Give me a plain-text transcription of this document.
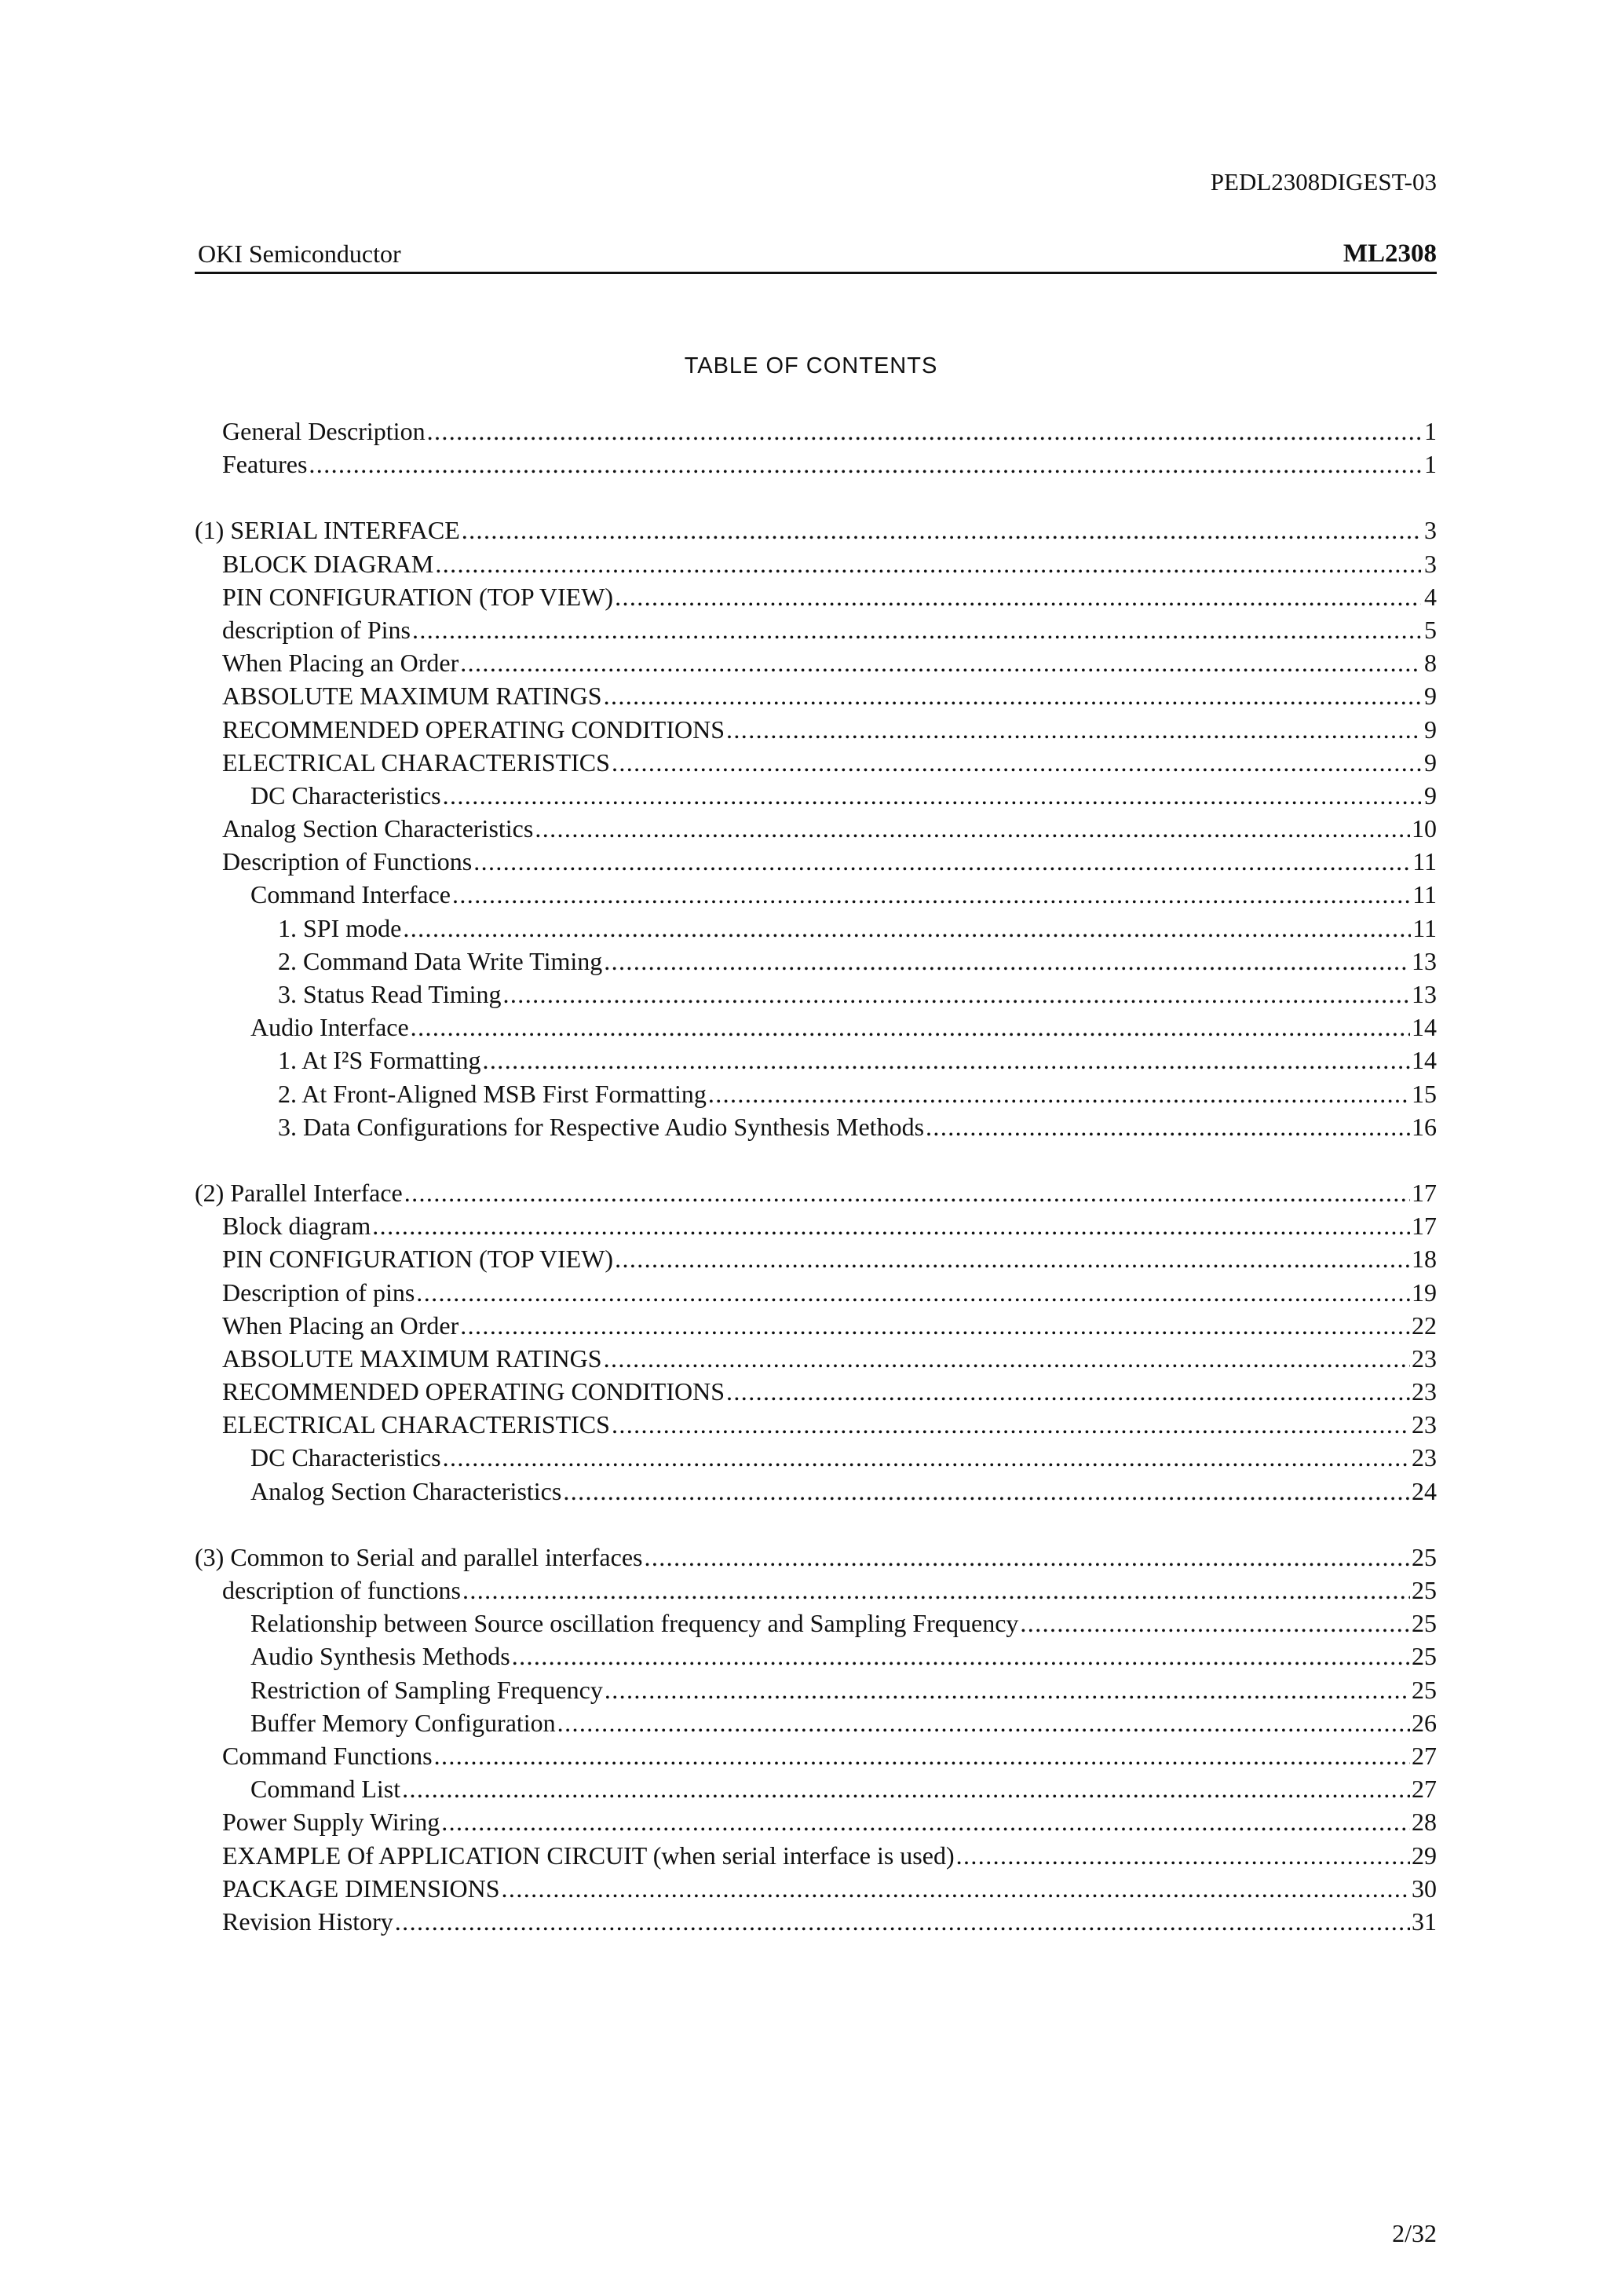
PEDL2308DIGEST-03
OKI Semiconductor	ML2308
TABLE OF CONTENTS
General Description .....	1
Features .....	1
(1) SERIAL INTERFACE .....	3
BLOCK DIAGRAM .....	3
PIN CONFIGURATION (TOP VIEW) .....	4
description of Pins .....	5
When Placing an Order .....	8
ABSOLUTE MAXIMUM RATINGS .....	9
RECOMMENDED OPERATING CONDITIONS .....	9
ELECTRICAL CHARACTERISTICS .....	9
DC Characteristics .....	9
Analog Section Characteristics .....	10
Description of Functions .....	11
Command Interface .....	11
1. SPI mode .....	11
2. Command Data Write Timing .....	13
3. Status Read Timing .....	13
Audio Interface .....	14
1. At I²S Formatting .....	14
2. At Front-Aligned MSB First Formatting .....	15
3. Data Configurations for Respective Audio Synthesis Methods .....	16
(2) Parallel Interface .....	17
Block diagram .....	17
PIN CONFIGURATION (TOP VIEW) .....	18
Description of pins .....	19
When Placing an Order .....	22
ABSOLUTE MAXIMUM RATINGS .....	23
RECOMMENDED OPERATING CONDITIONS .....	23
ELECTRICAL CHARACTERISTICS .....	23
DC Characteristics .....	23
Analog Section Characteristics .....	24
(3) Common to Serial and parallel interfaces .....	25
description of functions .....	25
Relationship between Source oscillation frequency and Sampling Frequency .....	25
Audio Synthesis Methods .....	25
Restriction of Sampling Frequency .....	25
Buffer Memory Configuration .....	26
Command Functions .....	27
Command List .....	27
Power Supply Wiring .....	28
EXAMPLE Of APPLICATION CIRCUIT (when serial interface is used) .....	29
PACKAGE DIMENSIONS .....	30
Revision History .....	31
2/32
